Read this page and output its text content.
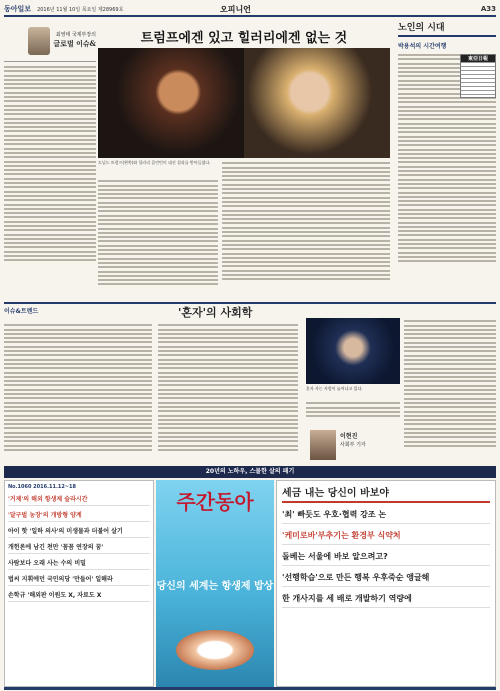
동아일보 2016년 11월 10일 목요일 제28969호	오피니언	A33
최영태 국제부장의
글로벌 이슈&	트럼프에겐 있고 힐러리에겐 없는 것
도널드 트럼프(왼쪽)와 힐러리 클린턴이 대선 결과를 받아들였다.
노인의 시대
박용석의 시간여행
東亞日報
이슈&트렌드	'혼자'의 사회학
혼자 사는 사람이 늘어나고 있다.
이현진
사회부 기자
20년의 노하우, 스물한 살의 패기
No.1060 2016.11.12~18
'거제'의 해외 항생제 슬라시간
'달구벌 농장'의 개방형 양계
아이 핫 '일하 의사'의 미생물과 더불어 살기
개헌론에 남긴 천만 '꼼꼼 연장의 꿈'
사람보다 오래 사는 수의 비밀
법씨 지휘에던 국민의당 '만들어' 일해라
손학규 '해외판 이원도 X, 자료도 X
주간동아
당신의 세계는 항생제 밥상
세금 내는 당신이 바보야
'최' 빠듯도 우호·협력 강조 논
'케미로바'부추기는 환경부 식약처
돌베는 서울에 바보 알으려고?
'선행학습'으로 만든 행복 우후죽순 앵글해
한 개사지를 세 배로 개발하기 역량에
